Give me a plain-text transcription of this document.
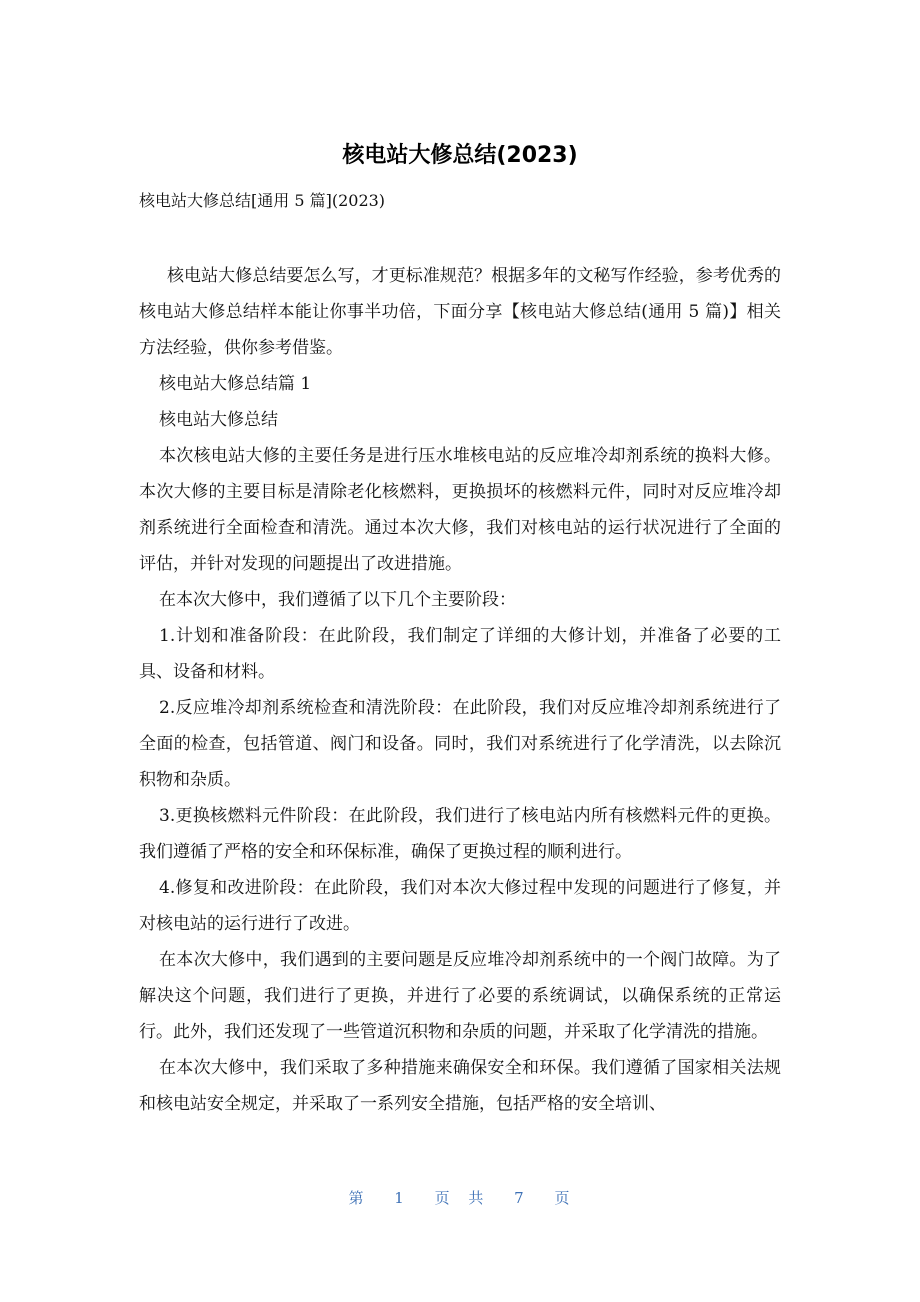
核电站大修总结(2023)
核电站大修总结[通用 5 篇](2023)

核电站大修总结要怎么写，才更标准规范？根据多年的文秘写作经验，参考优秀的核电站大修总结样本能让你事半功倍，下面分享【核电站大修总结(通用 5 篇)】相关方法经验，供你参考借鉴。

核电站大修总结篇 1

核电站大修总结

本次核电站大修的主要任务是进行压水堆核电站的反应堆冷却剂系统的换料大修。本次大修的主要目标是清除老化核燃料，更换损坏的核燃料元件，同时对反应堆冷却剂系统进行全面检查和清洗。通过本次大修，我们对核电站的运行状况进行了全面的评估，并针对发现的问题提出了改进措施。

在本次大修中，我们遵循了以下几个主要阶段：

1.计划和准备阶段：在此阶段，我们制定了详细的大修计划，并准备了必要的工具、设备和材料。

2.反应堆冷却剂系统检查和清洗阶段：在此阶段，我们对反应堆冷却剂系统进行了全面的检查，包括管道、阀门和设备。同时，我们对系统进行了化学清洗，以去除沉积物和杂质。

3.更换核燃料元件阶段：在此阶段，我们进行了核电站内所有核燃料元件的更换。我们遵循了严格的安全和环保标准，确保了更换过程的顺利进行。

4.修复和改进阶段：在此阶段，我们对本次大修过程中发现的问题进行了修复，并对核电站的运行进行了改进。

在本次大修中，我们遇到的主要问题是反应堆冷却剂系统中的一个阀门故障。为了解决这个问题，我们进行了更换，并进行了必要的系统调试，以确保系统的正常运行。此外，我们还发现了一些管道沉积物和杂质的问题，并采取了化学清洗的措施。

在本次大修中，我们采取了多种措施来确保安全和环保。我们遵循了国家相关法规和核电站安全规定，并采取了一系列安全措施，包括严格的安全培训、

第 1 页 共 7 页
